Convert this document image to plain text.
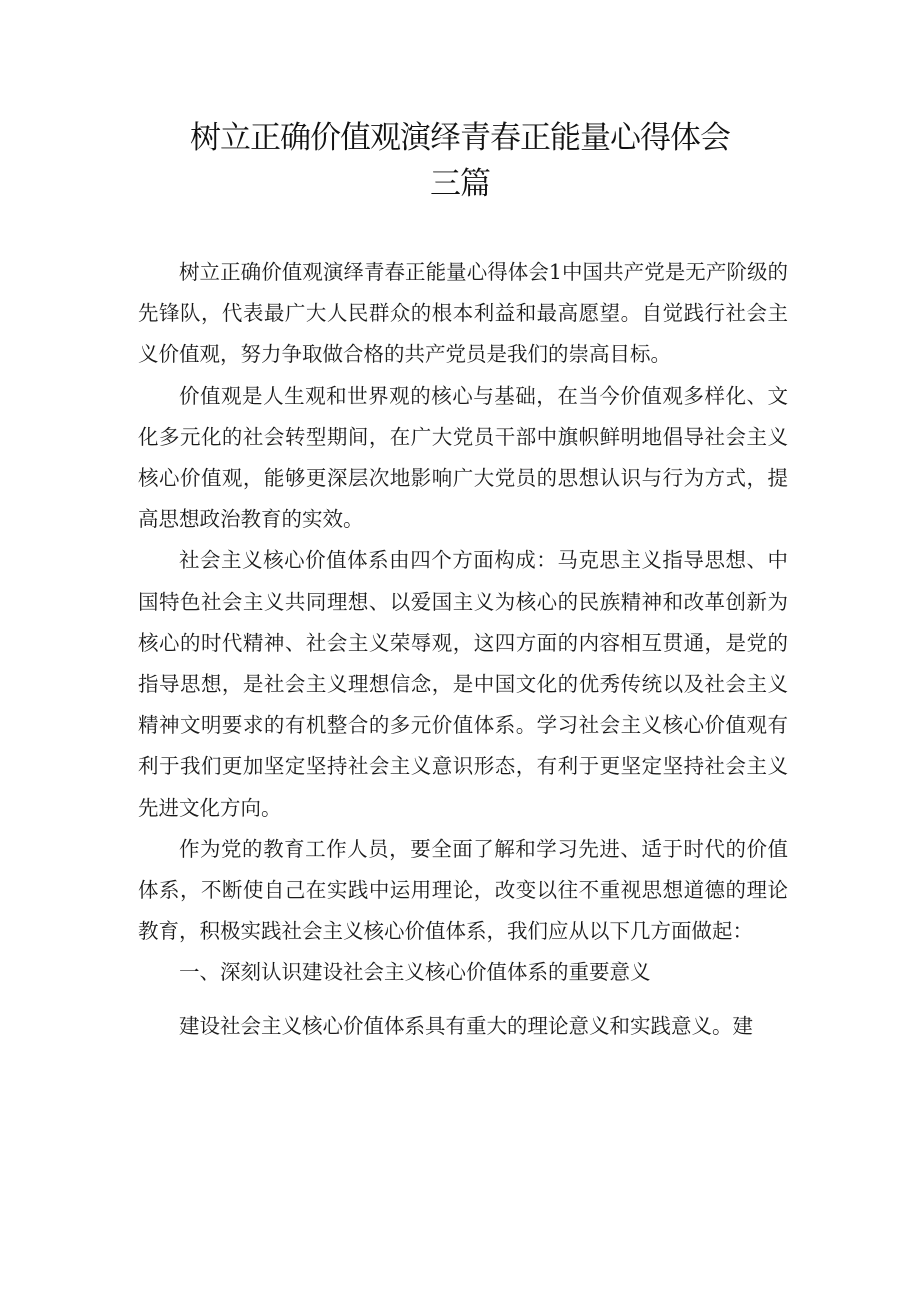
树立正确价值观演绎青春正能量心得体会
三篇

树立正确价值观演绎青春正能量心得体会1中国共产党是无产阶级的先锋队，代表最广大人民群众的根本利益和最高愿望。自觉践行社会主义价值观，努力争取做合格的共产党员是我们的崇高目标。

价值观是人生观和世界观的核心与基础，在当今价值观多样化、文化多元化的社会转型期间，在广大党员干部中旗帜鲜明地倡导社会主义核心价值观，能够更深层次地影响广大党员的思想认识与行为方式，提高思想政治教育的实效。

社会主义核心价值体系由四个方面构成：马克思主义指导思想、中国特色社会主义共同理想、以爱国主义为核心的民族精神和改革创新为核心的时代精神、社会主义荣辱观，这四方面的内容相互贯通，是党的指导思想，是社会主义理想信念，是中国文化的优秀传统以及社会主义精神文明要求的有机整合的多元价值体系。学习社会主义核心价值观有利于我们更加坚定坚持社会主义意识形态，有利于更坚定坚持社会主义先进文化方向。

作为党的教育工作人员，要全面了解和学习先进、适于时代的价值体系，不断使自己在实践中运用理论，改变以往不重视思想道德的理论教育，积极实践社会主义核心价值体系，我们应从以下几方面做起：

一、深刻认识建设社会主义核心价值体系的重要意义

建设社会主义核心价值体系具有重大的理论意义和实践意义。建
